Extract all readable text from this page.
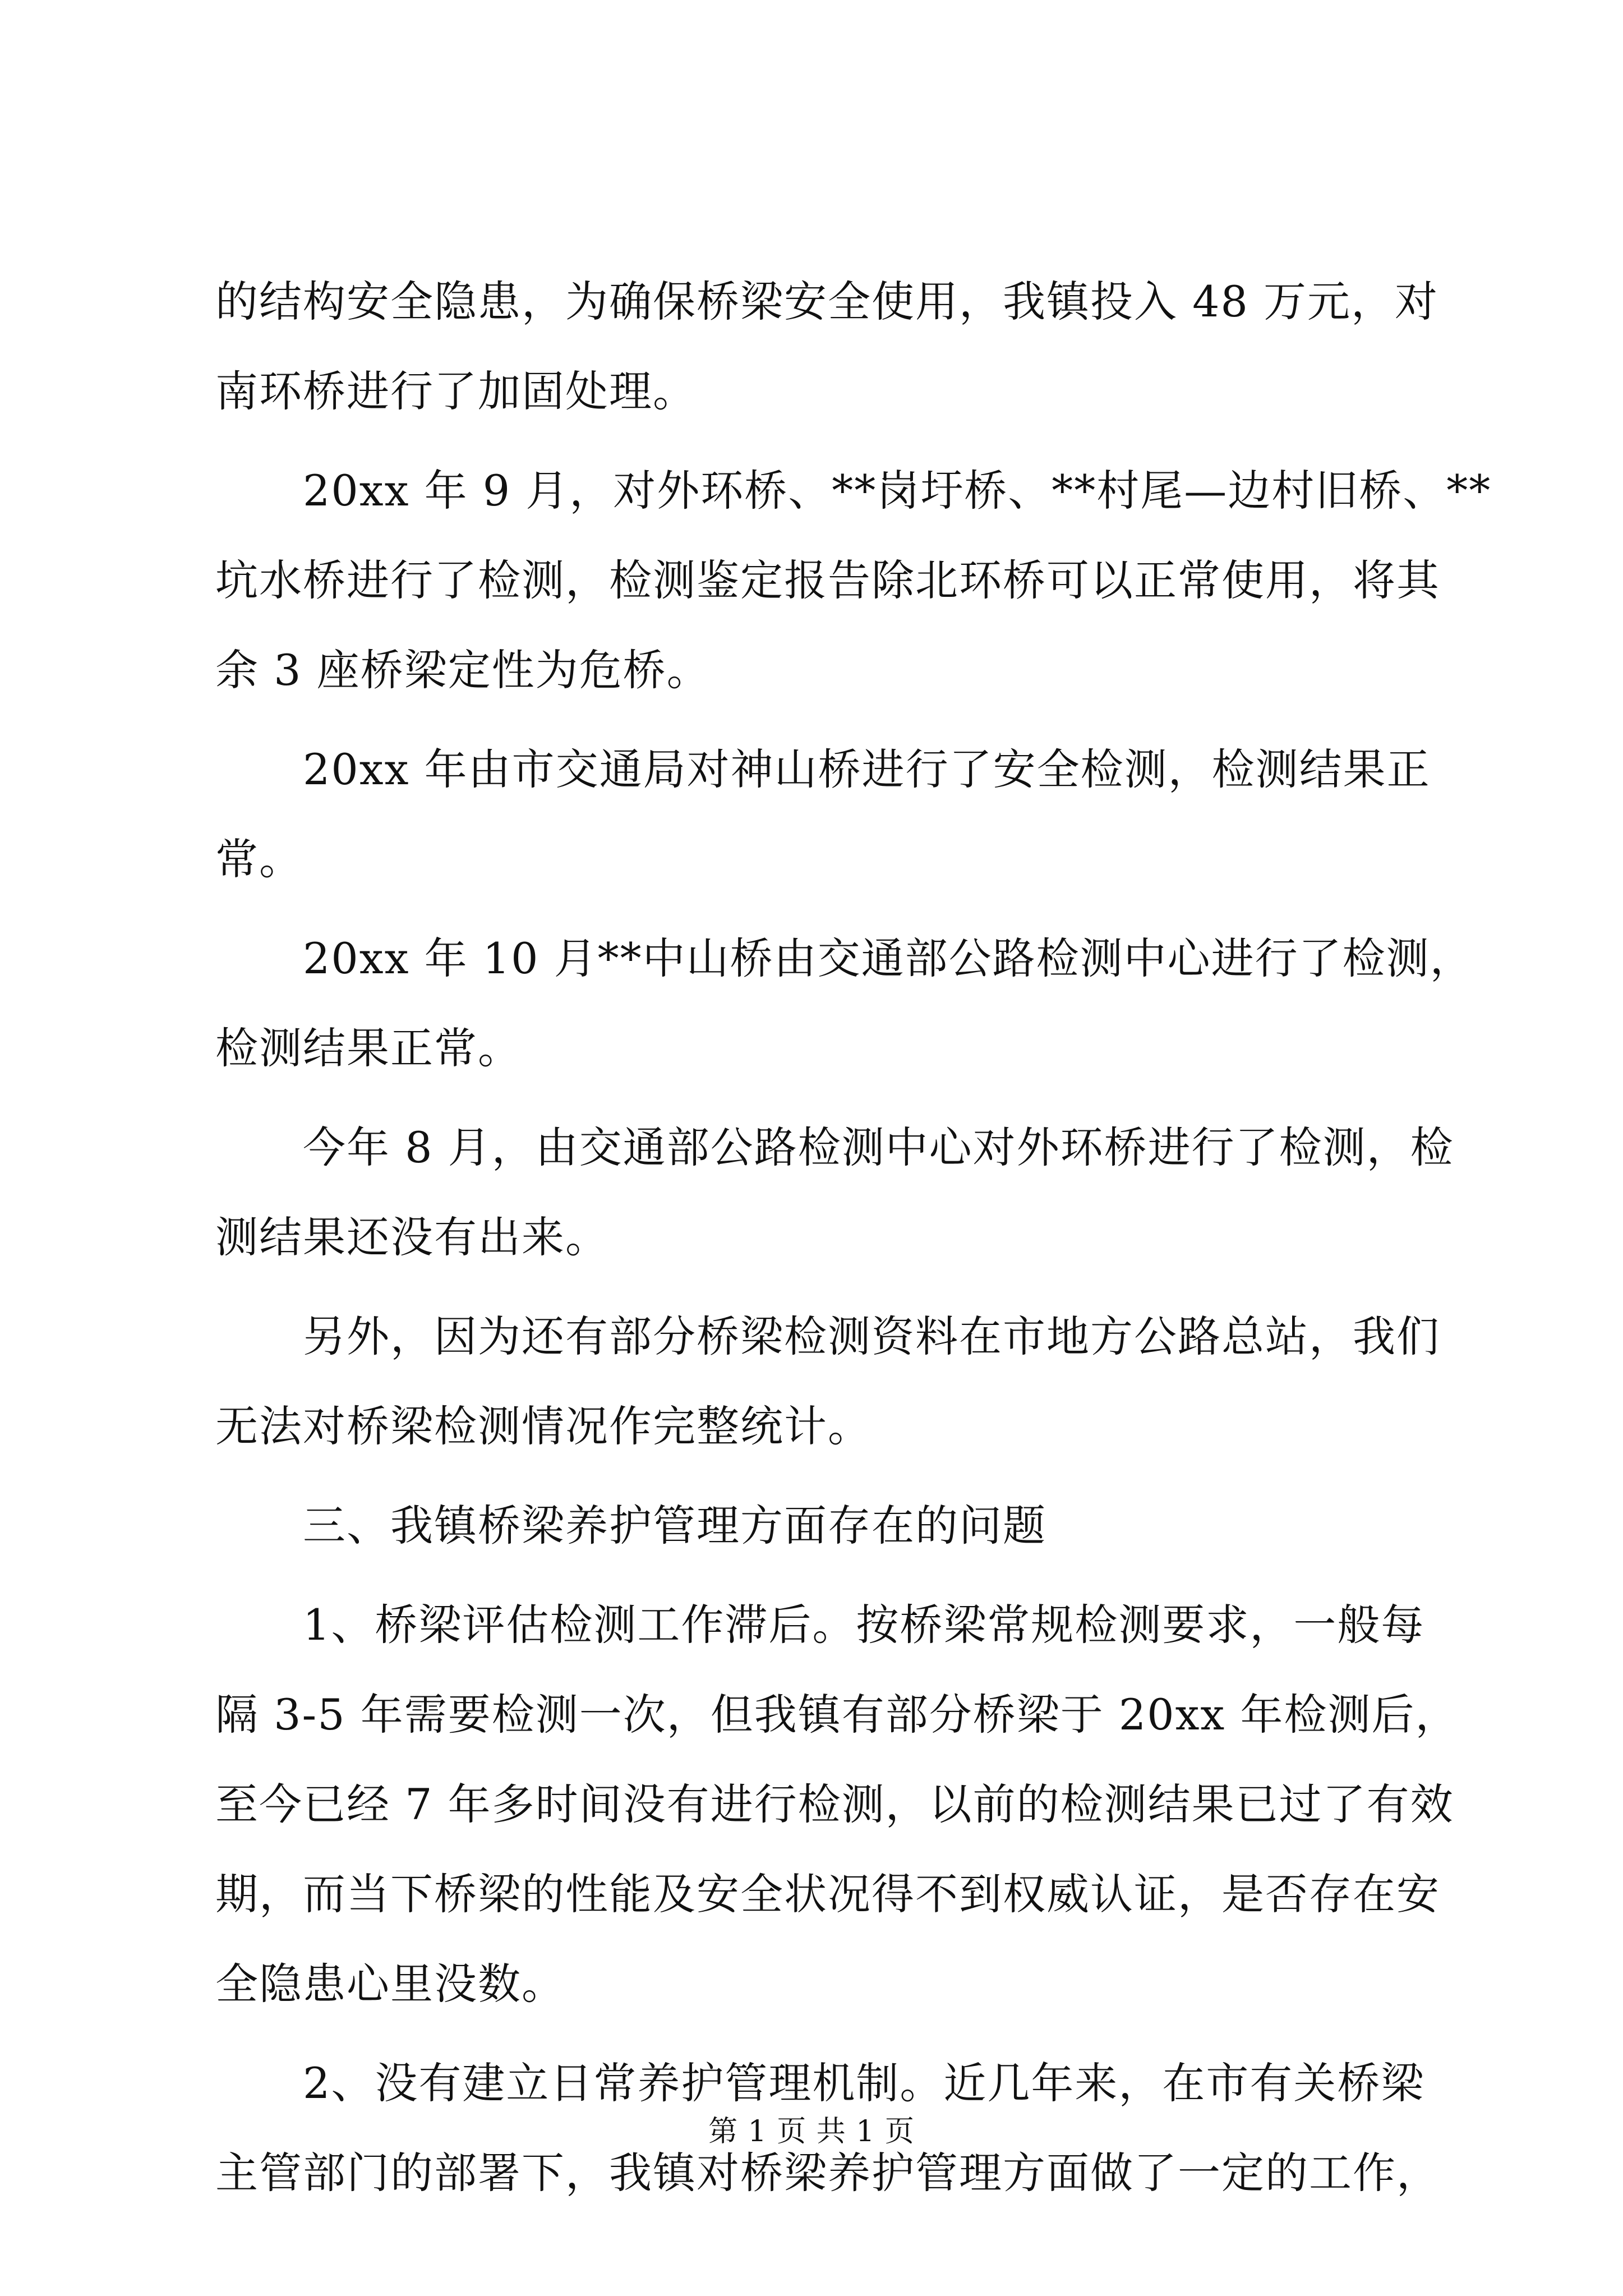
的结构安全隐患，为确保桥梁安全使用，我镇投入 48 万元，对
南环桥进行了加固处理。
20xx 年 9 月，对外环桥、**岗圩桥、**村尾—边村旧桥、**
坑水桥进行了检测，检测鉴定报告除北环桥可以正常使用，将其
余 3 座桥梁定性为危桥。
20xx 年由市交通局对神山桥进行了安全检测，检测结果正
常。
20xx 年 10 月**中山桥由交通部公路检测中心进行了检测，
检测结果正常。
今年 8 月，由交通部公路检测中心对外环桥进行了检测，检
测结果还没有出来。
另外，因为还有部分桥梁检测资料在市地方公路总站，我们
无法对桥梁检测情况作完整统计。
三、我镇桥梁养护管理方面存在的问题
1、桥梁评估检测工作滞后。按桥梁常规检测要求，一般每
隔 3-5 年需要检测一次，但我镇有部分桥梁于 20xx 年检测后，
至今已经 7 年多时间没有进行检测，以前的检测结果已过了有效
期，而当下桥梁的性能及安全状况得不到权威认证，是否存在安
全隐患心里没数。
2、没有建立日常养护管理机制。近几年来，在市有关桥梁
主管部门的部署下，我镇对桥梁养护管理方面做了一定的工作，
第 1 页 共 1 页
